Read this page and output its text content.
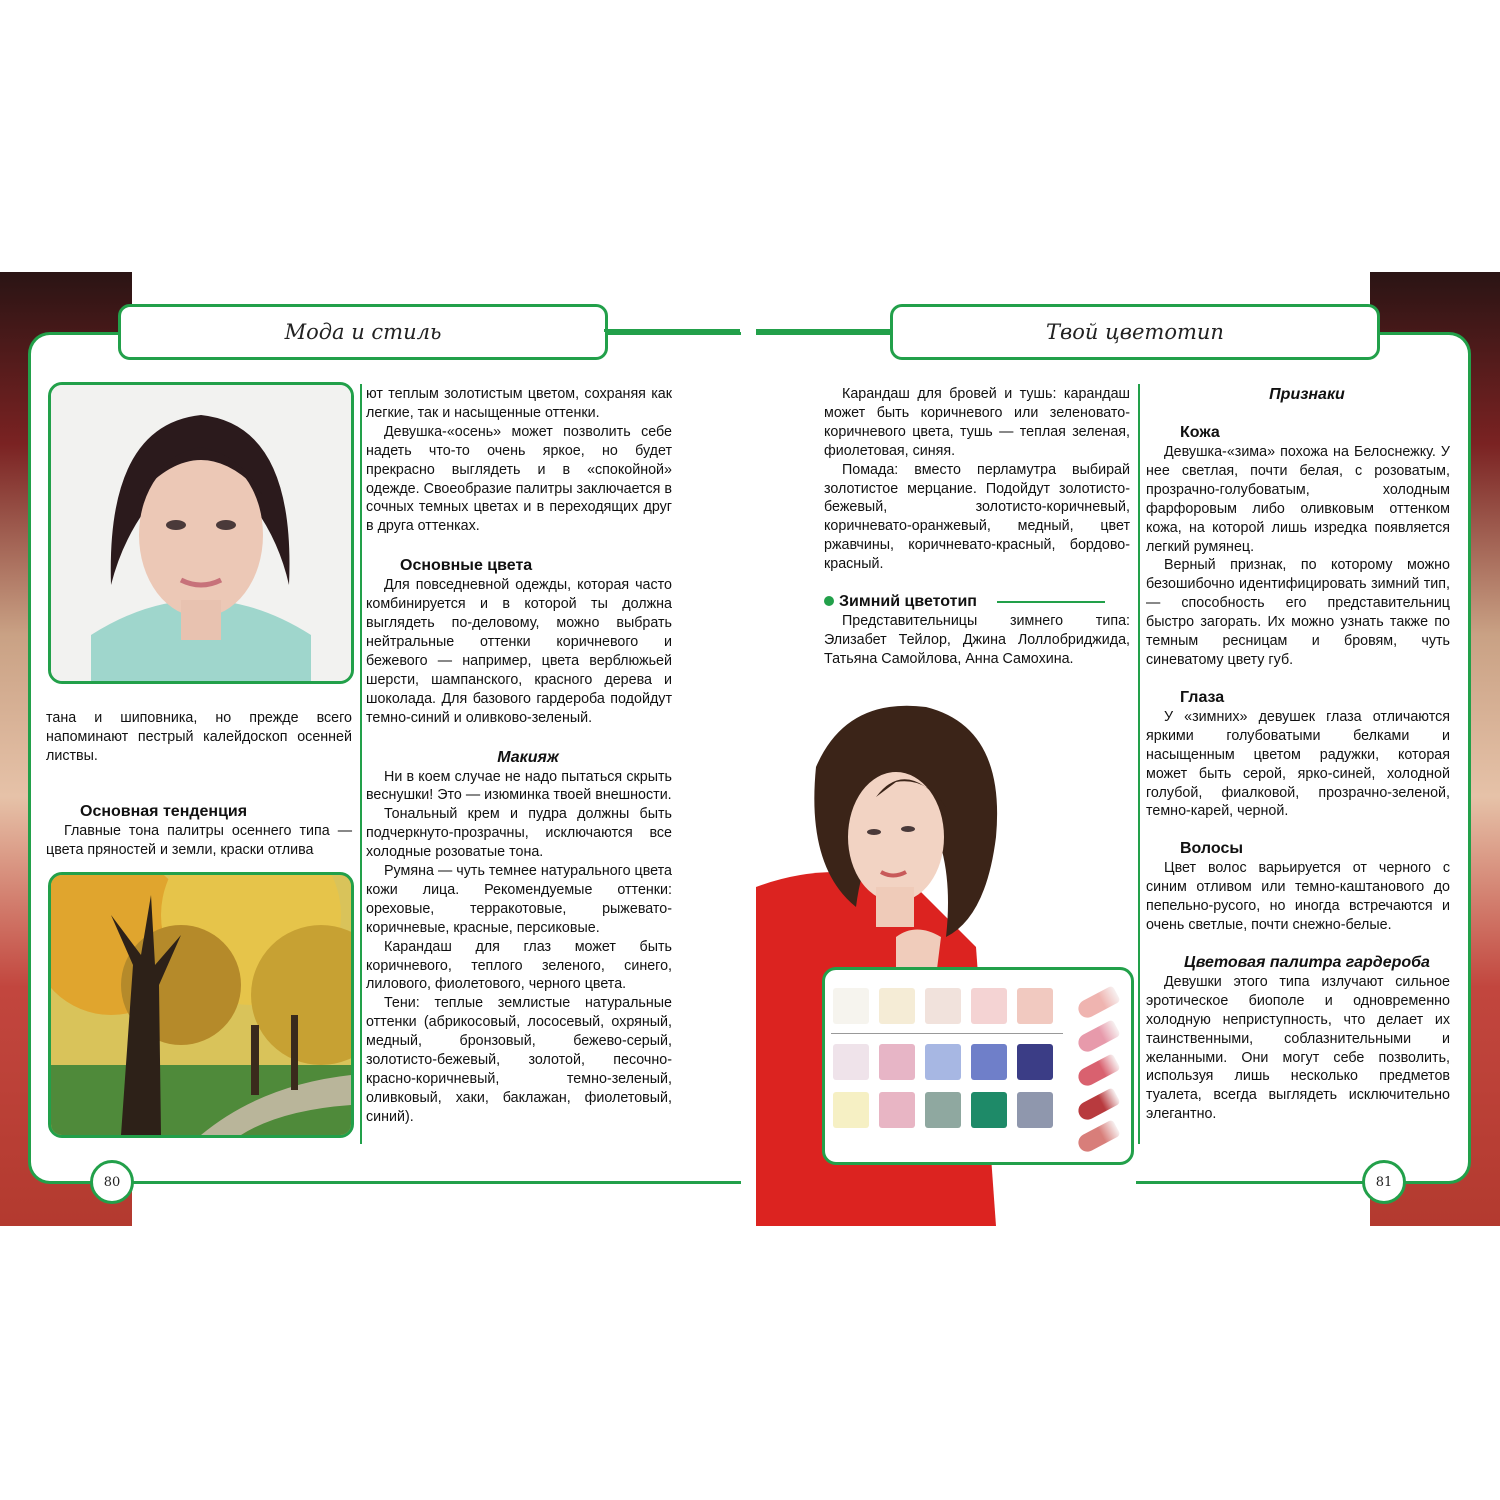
Мода и стиль	Твой цветотип
80	81

тана и шиповника, но прежде всего напоминают пестрый калейдоскоп осенней листвы.

Основная тенденция

Главные тона палитры осеннего типа — цвета пряностей и земли, краски отлива

ют теплым золотистым цветом, сохраняя как легкие, так и насыщенные оттенки.

Девушка-«осень» может позволить себе надеть что-то очень яркое, но будет прекрасно выглядеть и в «спокойной» одежде. Своеобразие палитры заключается в сочных темных цветах и в переходящих друг в друга оттенках.

Основные цвета

Для повседневной одежды, которая часто комбинируется и в которой ты должна выглядеть по-деловому, можно выбрать нейтральные оттенки коричневого и бежевого — например, цвета верблюжьей шерсти, шампанского, красного дерева и шоколада. Для базового гардероба подойдут темно-синий и оливково-зеленый.

Макияж

Ни в коем случае не надо пытаться скрыть веснушки! Это — изюминка твоей внешности.

Тональный крем и пудра должны быть подчеркнуто-прозрачны, исключаются все холодные розоватые тона.

Румяна — чуть темнее натурального цвета кожи лица. Рекомендуемые оттенки: ореховые, терракотовые, рыжевато-коричневые, красные, персиковые.

Карандаш для глаз может быть коричневого, теплого зеленого, синего, лилового, фиолетового, черного цвета.

Тени: теплые землистые натуральные оттенки (абрикосовый, лососевый, охряный, медный, бронзовый, бежево-серый, золотисто-бежевый, золотой, песочно-красно-коричневый, темно-зеленый, оливковый, хаки, баклажан, фиолетовый, синий).

Карандаш для бровей и тушь: карандаш может быть коричневого или зеленовато-коричневого цвета, тушь — теплая зеленая, фиолетовая, синяя.

Помада: вместо перламутра выбирай золотистое мерцание. Подойдут золотисто-бежевый, золотисто-коричневый, коричневато-оранжевый, медный, цвет ржавчины, коричневато-красный, бордово-красный.

Зимний цветотип

Представительницы зимнего типа: Элизабет Тейлор, Джина Лоллобриджида, Татьяна Самойлова, Анна Самохина.

Признаки

Кожа

Девушка-«зима» похожа на Белоснежку. У нее светлая, почти белая, с розоватым, прозрачно-голубоватым, холодным фарфоровым либо оливковым оттенком кожа, на которой лишь изредка появляется легкий румянец.

Верный признак, по которому можно безошибочно идентифицировать зимний тип, — способность его представительниц быстро загорать. Их можно узнать также по темным ресницам и бровям, чуть синеватому цвету губ.

Глаза

У «зимних» девушек глаза отличаются яркими голубоватыми белками и насыщенным цветом радужки, которая может быть серой, ярко-синей, холодной голубой, фиалковой, прозрачно-зеленой, темно-карей, черной.

Волосы

Цвет волос варьируется от черного с синим отливом или темно-каштанового до пепельно-русого, но иногда встречаются и очень светлые, почти снежно-белые.

Цветовая палитра гардероба

Девушки этого типа излучают сильное эротическое биополе и одновременно холодную неприступность, что делает их таинственными, соблазнительными и желанными. Они могут себе позволить, используя лишь несколько предметов туалета, всегда выглядеть исключительно элегантно.
